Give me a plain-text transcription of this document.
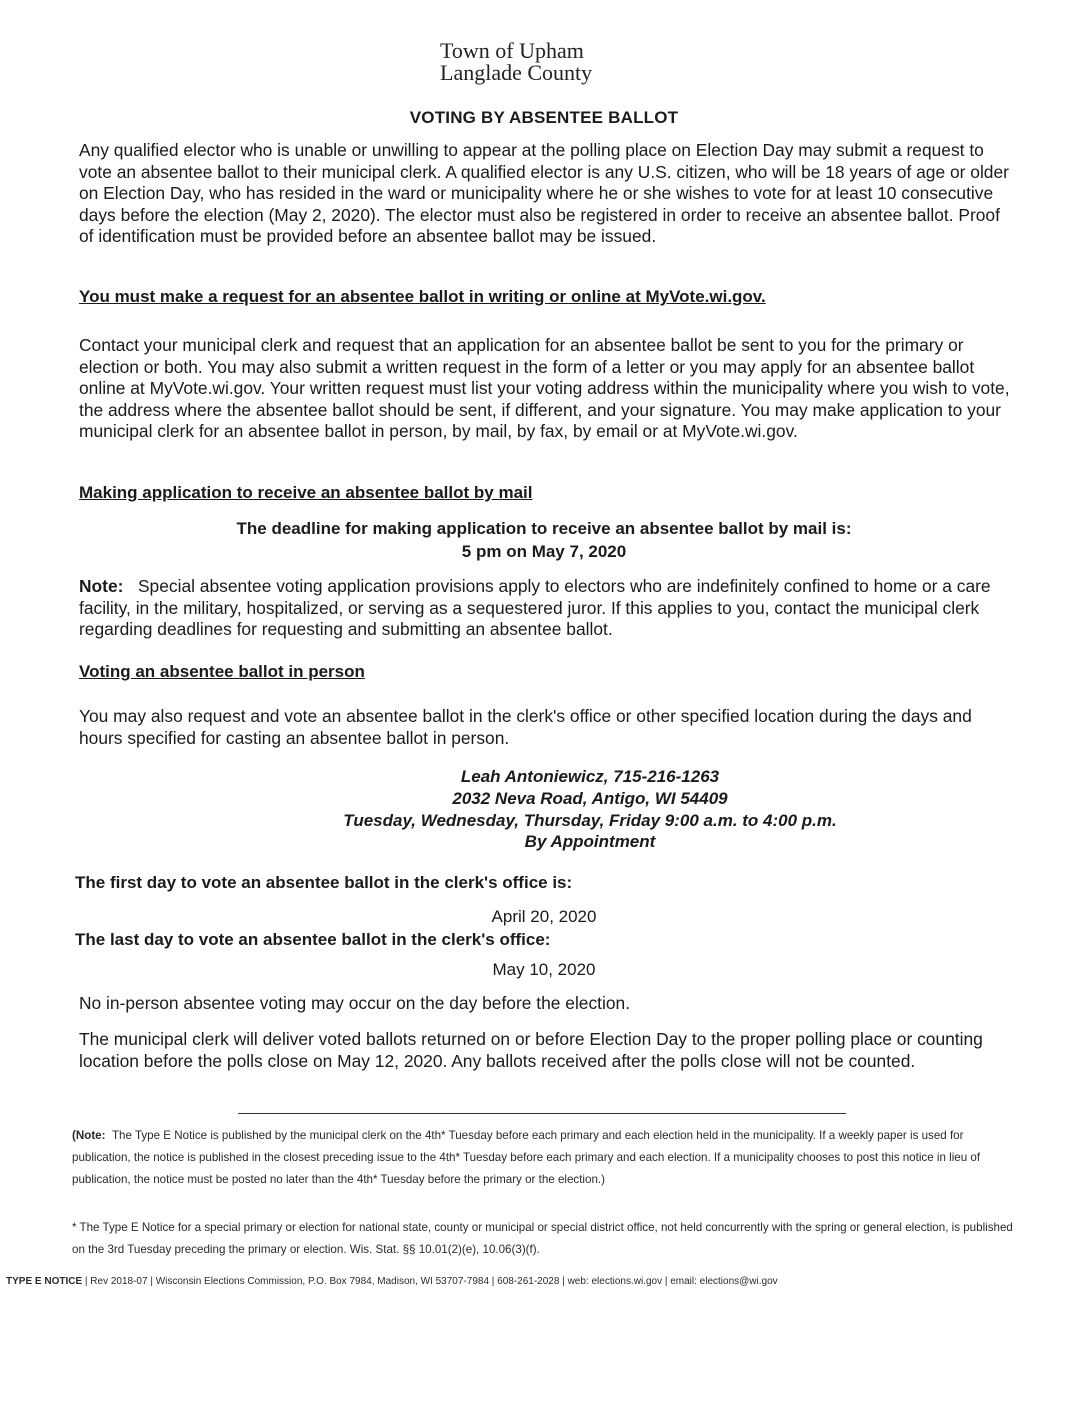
Town of Upham
Langlade County
VOTING BY ABSENTEE BALLOT

Any qualified elector who is unable or unwilling to appear at the polling place on Election Day may submit a request to vote an absentee ballot to their municipal clerk. A qualified elector is any U.S. citizen, who will be 18 years of age or older on Election Day, who has resided in the ward or municipality where he or she wishes to vote for at least 10 consecutive days before the election (May 2, 2020). The elector must also be registered in order to receive an absentee ballot. Proof of identification must be provided before an absentee ballot may be issued.

You must make a request for an absentee ballot in writing or online at MyVote.wi.gov.

Contact your municipal clerk and request that an application for an absentee ballot be sent to you for the primary or election or both. You may also submit a written request in the form of a letter or you may apply for an absentee ballot online at MyVote.wi.gov. Your written request must list your voting address within the municipality where you wish to vote, the address where the absentee ballot should be sent, if different, and your signature. You may make application to your municipal clerk for an absentee ballot in person, by mail, by fax, by email or at MyVote.wi.gov.

Making application to receive an absentee ballot by mail

The deadline for making application to receive an absentee ballot by mail is:
5 pm on May 7, 2020

Note: Special absentee voting application provisions apply to electors who are indefinitely confined to home or a care facility, in the military, hospitalized, or serving as a sequestered juror. If this applies to you, contact the municipal clerk regarding deadlines for requesting and submitting an absentee ballot.

Voting an absentee ballot in person

You may also request and vote an absentee ballot in the clerk's office or other specified location during the days and hours specified for casting an absentee ballot in person.

Leah Antoniewicz, 715-216-1263
2032 Neva Road, Antigo, WI 54409
Tuesday, Wednesday, Thursday, Friday 9:00 a.m. to 4:00 p.m.
By Appointment
The first day to vote an absentee ballot in the clerk's office is:
April 20, 2020
The last day to vote an absentee ballot in the clerk's office:
May 10, 2020

No in-person absentee voting may occur on the day before the election.

The municipal clerk will deliver voted ballots returned on or before Election Day to the proper polling place or counting location before the polls close on May 12, 2020. Any ballots received after the polls close will not be counted.

(Note: The Type E Notice is published by the municipal clerk on the 4th* Tuesday before each primary and each election held in the municipality. If a weekly paper is used for publication, the notice is published in the closest preceding issue to the 4th* Tuesday before each primary and each election. If a municipality chooses to post this notice in lieu of publication, the notice must be posted no later than the 4th* Tuesday before the primary or the election.)

* The Type E Notice for a special primary or election for national state, county or municipal or special district office, not held concurrently with the spring or general election, is published on the 3rd Tuesday preceding the primary or election. Wis. Stat. §§ 10.01(2)(e), 10.06(3)(f).

TYPE E NOTICE | Rev 2018-07 | Wisconsin Elections Commission, P.O. Box 7984, Madison, WI 53707-7984 | 608-261-2028 | web: elections.wi.gov | email: elections@wi.gov
